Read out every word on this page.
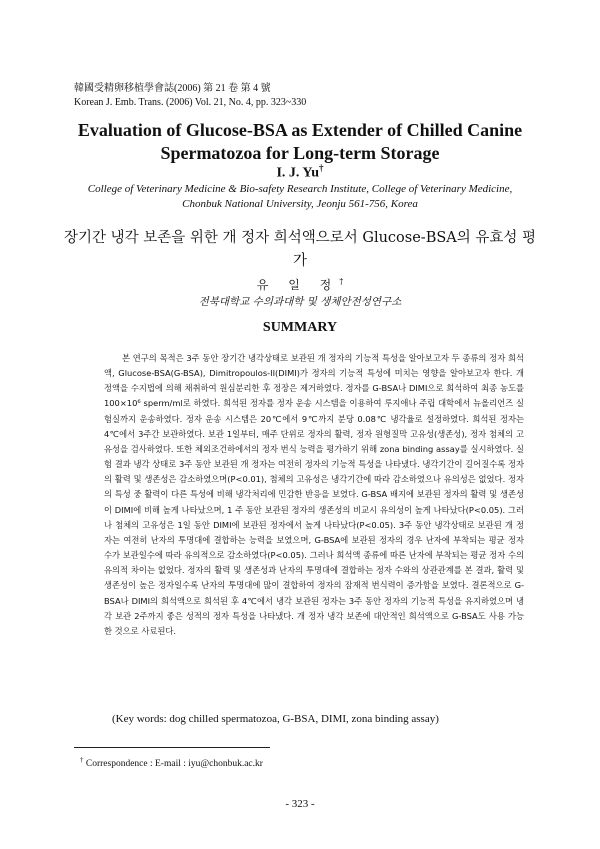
韓國受精卵移植學會誌(2006) 第 21 卷 第 4 號
Korean J. Emb. Trans. (2006) Vol. 21, No. 4, pp. 323~330
Evaluation of Glucose-BSA as Extender of Chilled Canine Spermatozoa for Long-term Storage
I. J. Yu†
College of Veterinary Medicine & Bio-safety Research Institute, College of Veterinary Medicine, Chonbuk National University, Jeonju 561-756, Korea
장기간 냉각 보존을 위한 개 정자 희석액으로서 Glucose-BSA의 유효성 평가
유 일 정†
전북대학교 수의과대학 및 생체안전성연구소
SUMMARY

본 연구의 목적은 3주 동안 장기간 냉각상태로 보관된 개 정자의 기능적 특성을 알아보고자 두 종류의 정자 희석액, Glucose-BSA(G-BSA), Dimitropoulos-II(DIMI)가 정자의 기능적 특성에 미치는 영향을 알아보고자 한다. 개 정액을 수지법에 의해 채취하여 원심분리한 후 정장은 제거하였다. 정자를 G-BSA나 DIMI으로 희석하여 최종 농도를 100×10⁶ sperm/ml로 하였다. 희석된 정자를 정자 운송 시스템을 이용하여 루지애나 주립 대학에서 뉴올리언즈 실험실까지 운송하였다. 정자 운송 시스템은 20℃에서 9℃까지 분당 0.08℃ 냉각율로 설정하였다. 희석된 정자는 4℃에서 3주간 보관하였다. 보관 1일부터, 매주 단위로 정자의 활력, 정자 원형질막 고유성(생존성), 정자 첨체의 고유성을 검사하였다. 또한 체외조건하에서의 정자 번식 능력을 평가하기 위해 zona binding assay를 실시하였다. 실험 결과 냉각 상태로 3주 동안 보관된 개 정자는 여전히 정자의 기능적 특성을 나타냈다. 냉각기간이 길어질수록 정자의 활력 및 생존성은 감소하였으며(P<0.01), 첨체의 고유성은 냉각기간에 따라 감소하였으나 유의성은 없었다. 정자의 특성 중 활력이 다른 특성에 비해 냉각처리에 민감한 반응을 보였다. G-BSA 배지에 보관된 정자의 활력 및 생존성이 DIMI에 비해 높게 나타났으며, 1 주 동안 보관된 정자의 생존성의 비교시 유의성이 높게 나타났다(P<0.05). 그러나 첨체의 고유성은 1일 동안 DIMI에 보관된 정자에서 높게 나타났다(P<0.05). 3주 동안 냉각상태로 보관된 개 정자는 여전히 난자의 투명대에 결합하는 능력을 보였으며, G-BSA에 보관된 정자의 경우 난자에 부착되는 평균 정자 수가 보관일수에 따라 유의적으로 감소하였다(P<0.05). 그러나 희석액 종류에 따른 난자에 부착되는 평균 정자 수의 유의적 차이는 없었다. 정자의 활력 및 생존성과 난자의 투명대에 결합하는 정자 수와의 상관관계를 본 결과, 활력 및 생존성이 높은 정자일수록 난자의 투명대에 많이 결합하여 정자의 잠재적 번식력이 증가함을 보였다. 결론적으로 G-BSA나 DIMI의 희석액으로 희석된 후 4℃에서 냉각 보관된 정자는 3주 동안 정자의 기능적 특성을 유지하였으며 냉각 보관 2주까지 좋은 성적의 정자 특성을 나타냈다. 개 정자 냉각 보존에 대안적인 희석액으로 G-BSA도 사용 가능한 것으로 사료된다.

(Key words: dog chilled spermatozoa, G-BSA, DIMI, zona binding assay)
† Correspondence : E-mail : iyu@chonbuk.ac.kr
- 323 -
